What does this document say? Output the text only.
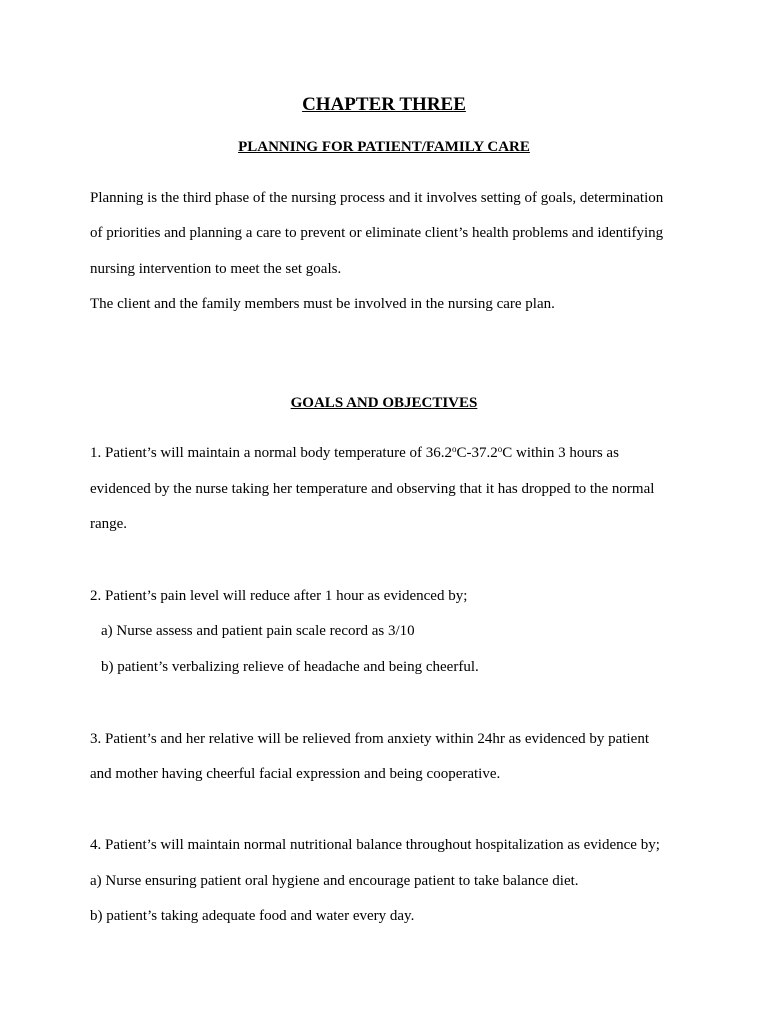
CHAPTER THREE
PLANNING FOR PATIENT/FAMILY CARE
Planning is the third phase of the nursing process and it involves setting of goals, determination
of priorities and planning a care to prevent or eliminate client’s health problems and identifying
nursing intervention to meet the set goals.
The client and the family members must be involved in the nursing care plan.
GOALS AND OBJECTIVES
1. Patient’s will maintain a normal body temperature of 36.2$^o$C-37.2$^o$C within 3 hours as
evidenced by the nurse taking her temperature and observing that it has dropped to the normal
range.
2. Patient’s pain level will reduce after 1 hour as evidenced by;
a) Nurse assess and patient pain scale record as 3/10
b) patient’s verbalizing relieve of headache and being cheerful.
3. Patient’s and her relative will be relieved from anxiety within 24hr as evidenced by patient
and mother having cheerful facial expression and being cooperative.
4. Patient’s will maintain normal nutritional balance throughout hospitalization as evidence by;
a) Nurse ensuring patient oral hygiene and encourage patient to take balance diet.
b) patient’s taking adequate food and water every day.
